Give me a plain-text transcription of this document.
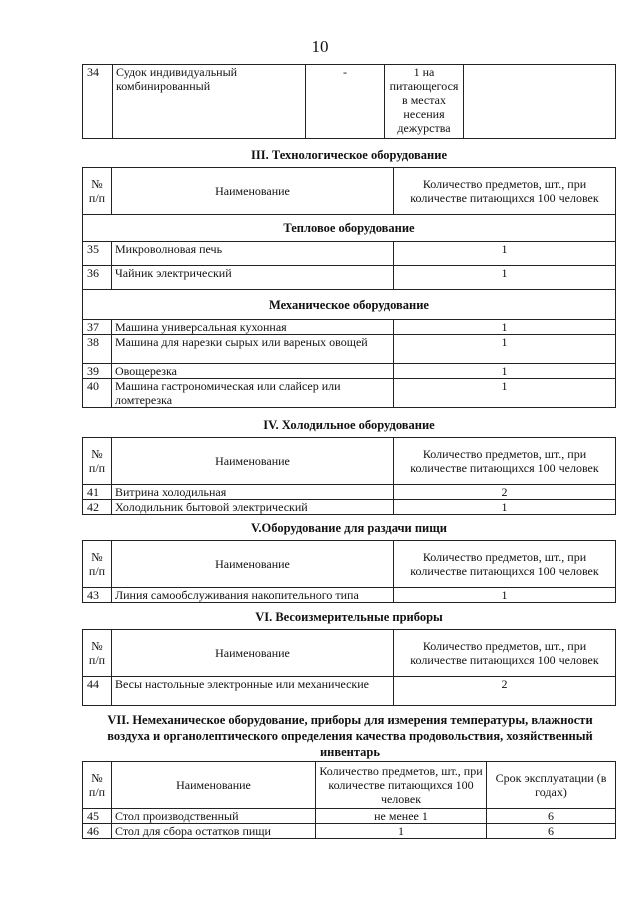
10
34	Судок индивидуальный комбинированный	-	1 на питающегося в местах несения дежурства	
III. Технологическое оборудование
№ п/п	Наименование	Количество предметов, шт., при количестве питающихся 100 человек
Тепловое оборудование		
35	Микроволновая печь	1
36	Чайник электрический	1
Механическое оборудование		
37	Машина универсальная кухонная	1
38	Машина для нарезки сырых или вареных овощей	1
39	Овощерезка	1
40	Машина гастрономическая или слайсер или ломтерезка	1
IV. Холодильное оборудование
№ п/п	Наименование	Количество предметов, шт., при количестве питающихся 100 человек
41	Витрина холодильная	2
42	Холодильник бытовой электрический	1
V.Оборудование для раздачи пищи
№ п/п	Наименование	Количество предметов, шт., при количестве питающихся 100 человек
43	Линия самообслуживания накопительного типа	1
VI. Весоизмерительные приборы
№ п/п	Наименование	Количество предметов, шт., при количестве питающихся 100 человек
44	Весы настольные электронные или механические	2
VII. Немеханическое оборудование, приборы для измерения температуры, влажности воздуха и органолептического определения качества продовольствия, хозяйственный инвентарь
№ п/п	Наименование	Количество предметов, шт., при количестве питающихся 100 человек	Срок эксплуатации (в годах)
45	Стол производственный	не менее 1	6
46	Стол для сбора остатков пищи	1	6
